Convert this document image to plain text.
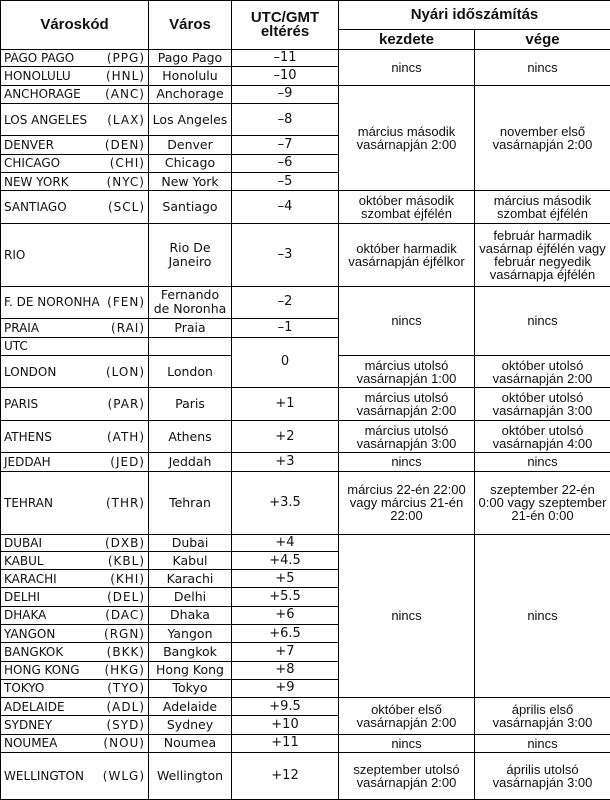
Városkód	Város	UTC/GMT eltérés	Nyári időszámítás	
			kezdete	vége
PAGO PAGO (PPG)	Pago Pago	–11	nincs	nincs
HONOLULU (HNL)	Honolulu	–10		
ANCHORAGE (ANC)	Anchorage	–9	március második vasárnapján 2:00	november első vasárnapján 2:00
LOS ANGELES (LAX)	Los Angeles	–8		
DENVER (DEN)	Denver	–7		
CHICAGO (CHI)	Chicago	–6		
NEW YORK (NYC)	New York	–5		
SANTIAGO (SCL)	Santiago	–4	október második szombat éjfélén	március második szombat éjfélén
RIO	Rio De Janeiro	–3	október harmadik vasárnapján éjfélkor	február harmadik vasárnap éjfélén vagy február negyedik vasárnapja éjfélén
F. DE NORONHA (FEN)	Fernando de Noronha	–2	nincs	nincs
PRAIA (RAI)	Praia	–1		
UTC		0		
LONDON (LON)	London		március utolsó vasárnapján 1:00	október utolsó vasárnapján 2:00
PARIS (PAR)	Paris	+1	március utolsó vasárnapján 2:00	október utolsó vasárnapján 3:00
ATHENS (ATH)	Athens	+2	március utolsó vasárnapján 3:00	október utolsó vasárnapján 4:00
JEDDAH (JED)	Jeddah	+3	nincs	nincs
TEHRAN (THR)	Tehran	+3.5	március 22-én 22:00 vagy március 21-én 22:00	szeptember 22-én 0:00 vagy szeptember 21-én 0:00
DUBAI (DXB)	Dubai	+4	nincs	nincs
KABUL (KBL)	Kabul	+4.5		
KARACHI (KHI)	Karachi	+5		
DELHI (DEL)	Delhi	+5.5		
DHAKA (DAC)	Dhaka	+6		
YANGON (RGN)	Yangon	+6.5		
BANGKOK (BKK)	Bangkok	+7		
HONG KONG (HKG)	Hong Kong	+8		
TOKYO (TYO)	Tokyo	+9		
ADELAIDE (ADL)	Adelaide	+9.5	október első vasárnapján 2:00	április első vasárnapján 3:00
SYDNEY (SYD)	Sydney	+10		
NOUMEA (NOU)	Noumea	+11	nincs	nincs
WELLINGTON (WLG)	Wellington	+12	szeptember utolsó vasárnapján 2:00	április utolsó vasárnapján 3:00
